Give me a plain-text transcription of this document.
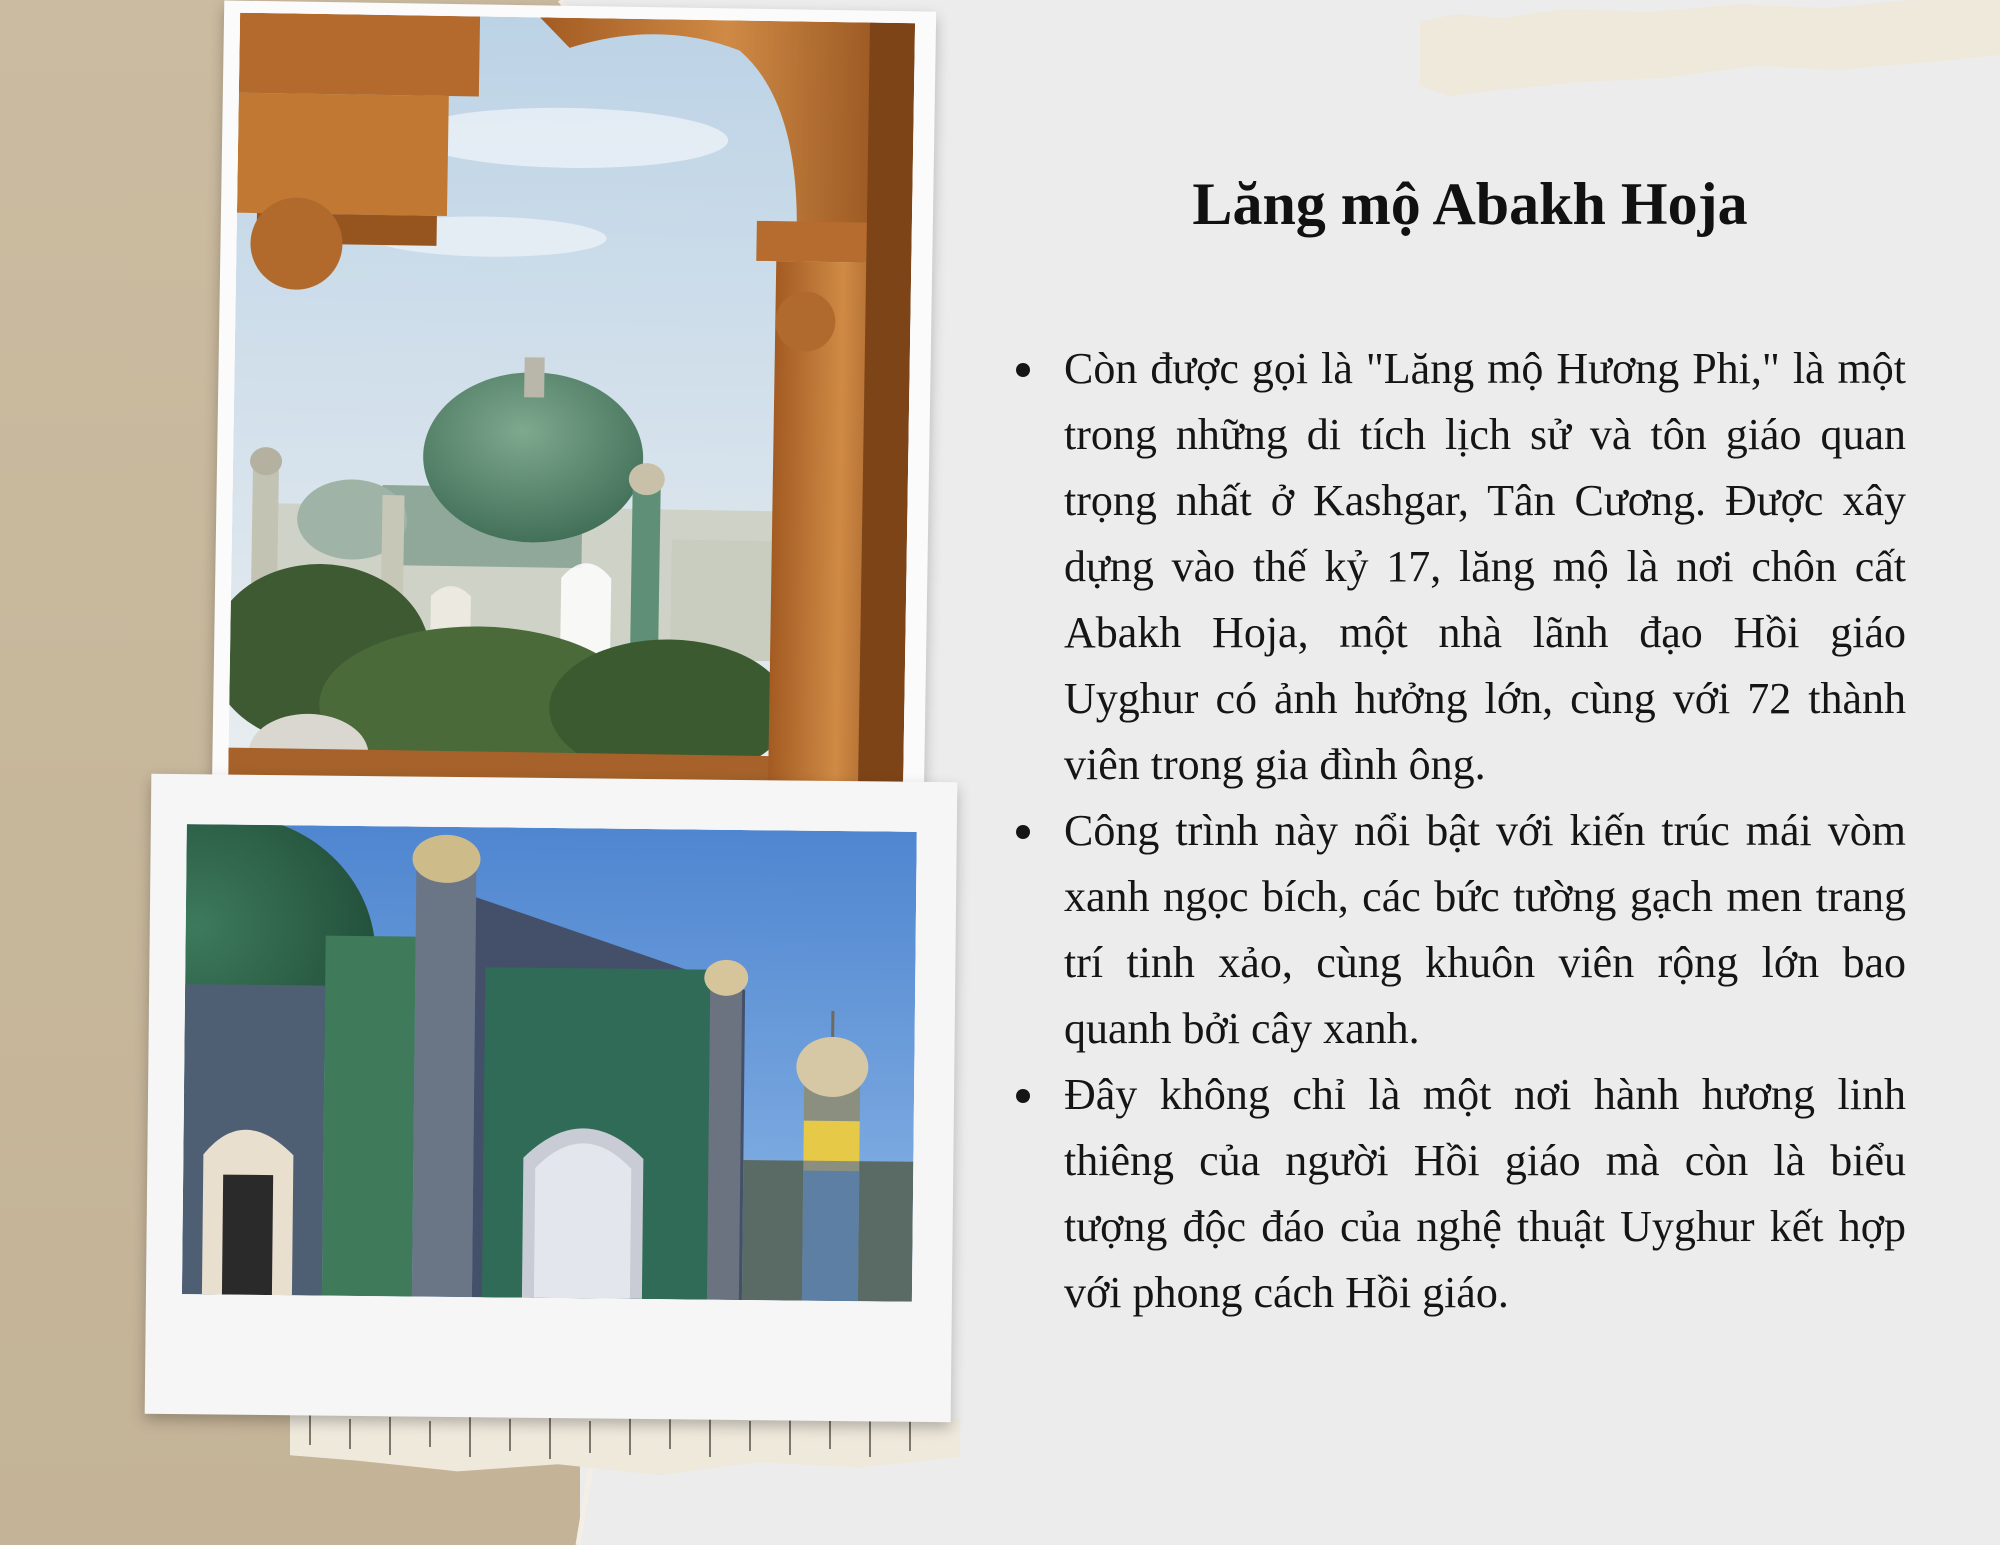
Lăng mộ Abakh Hoja
Còn được gọi là "Lăng mộ Hương Phi," là một trong những di tích lịch sử và tôn giáo quan trọng nhất ở Kashgar, Tân Cương. Được xây dựng vào thế kỷ 17, lăng mộ là nơi chôn cất Abakh Hoja, một nhà lãnh đạo Hồi giáo Uyghur có ảnh hưởng lớn, cùng với 72 thành viên trong gia đình ông.
Công trình này nổi bật với kiến trúc mái vòm xanh ngọc bích, các bức tường gạch men trang trí tinh xảo, cùng khuôn viên rộng lớn bao quanh bởi cây xanh.
Đây không chỉ là một nơi hành hương linh thiêng của người Hồi giáo mà còn là biểu tượng độc đáo của nghệ thuật Uyghur kết hợp với phong cách Hồi giáo.
